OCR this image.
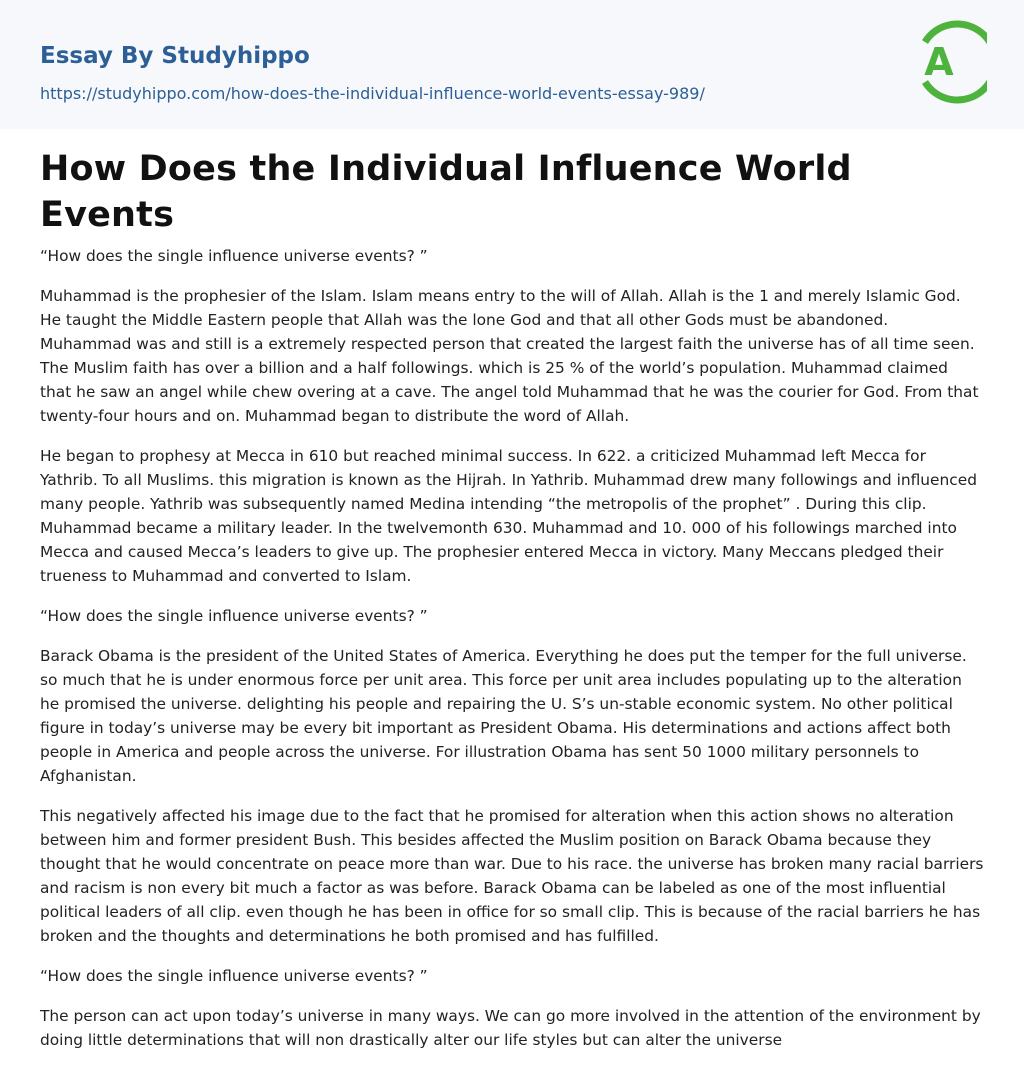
Essay By Studyhippo
https://studyhippo.com/how-does-the-individual-influence-world-events-essay-989/
A
How Does the Individual Influence World Events

“How does the single influence universe events? ”

Muhammad is the prophesier of the Islam. Islam means entry to the will of Allah. Allah is the 1 and merely Islamic God. He taught the Middle Eastern people that Allah was the lone God and that all other Gods must be abandoned. Muhammad was and still is a extremely respected person that created the largest faith the universe has of all time seen. The Muslim faith has over a billion and a half followings. which is 25 % of the world’s population. Muhammad claimed that he saw an angel while chew overing at a cave. The angel told Muhammad that he was the courier for God. From that twenty-four hours and on. Muhammad began to distribute the word of Allah.

He began to prophesy at Mecca in 610 but reached minimal success. In 622. a criticized Muhammad left Mecca for Yathrib. To all Muslims. this migration is known as the Hijrah. In Yathrib. Muhammad drew many followings and influenced many people. Yathrib was subsequently named Medina intending “the metropolis of the prophet” . During this clip. Muhammad became a military leader. In the twelvemonth 630. Muhammad and 10. 000 of his followings marched into Mecca and caused Mecca’s leaders to give up. The prophesier entered Mecca in victory. Many Meccans pledged their trueness to Muhammad and converted to Islam.

“How does the single influence universe events? ”

Barack Obama is the president of the United States of America. Everything he does put the temper for the full universe. so much that he is under enormous force per unit area. This force per unit area includes populating up to the alteration he promised the universe. delighting his people and repairing the U. S’s un-stable economic system. No other political figure in today’s universe may be every bit important as President Obama. His determinations and actions affect both people in America and people across the universe. For illustration Obama has sent 50 1000 military personnels to Afghanistan.

This negatively affected his image due to the fact that he promised for alteration when this action shows no alteration between him and former president Bush. This besides affected the Muslim position on Barack Obama because they thought that he would concentrate on peace more than war. Due to his race. the universe has broken many racial barriers and racism is non every bit much a factor as was before. Barack Obama can be labeled as one of the most influential political leaders of all clip. even though he has been in office for so small clip. This is because of the racial barriers he has broken and the thoughts and determinations he both promised and has fulfilled.

“How does the single influence universe events? ”

The person can act upon today’s universe in many ways. We can go more involved in the attention of the environment by doing little determinations that will non drastically alter our life styles but can alter the universe
